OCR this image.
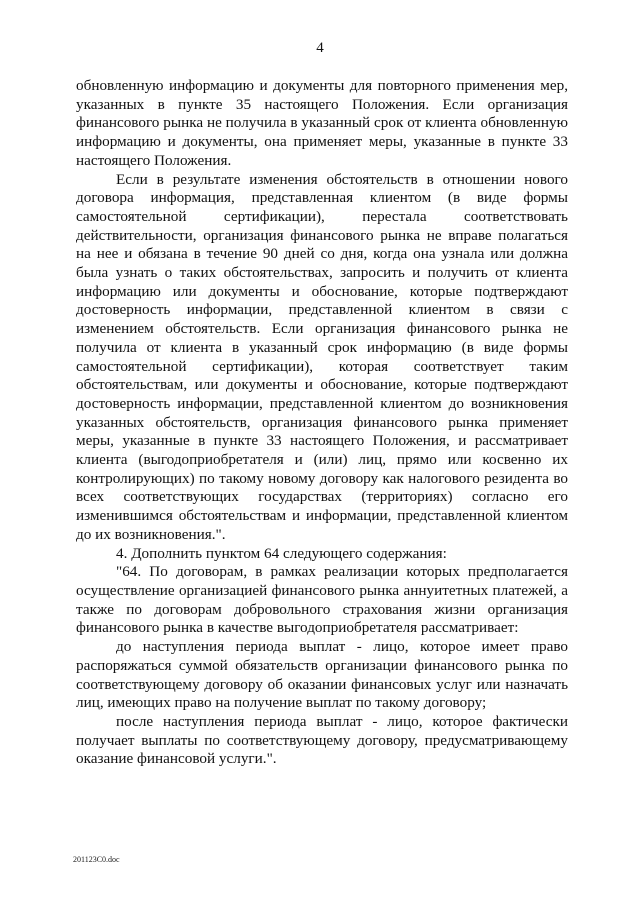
4

обновленную информацию и документы для повторного применения мер, указанных в пункте 35 настоящего Положения. Если организация финансового рынка не получила в указанный срок от клиента обновленную информацию и документы, она применяет меры, указанные в пункте 33 настоящего Положения.

Если в результате изменения обстоятельств в отношении нового договора информация, представленная клиентом (в виде формы самостоятельной сертификации), перестала соответствовать действительности, организация финансового рынка не вправе полагаться на нее и обязана в течение 90 дней со дня, когда она узнала или должна была узнать о таких обстоятельствах, запросить и получить от клиента информацию или документы и обоснование, которые подтверждают достоверность информации, представленной клиентом в связи с изменением обстоятельств. Если организация финансового рынка не получила от клиента в указанный срок информацию (в виде формы самостоятельной сертификации), которая соответствует таким обстоятельствам, или документы и обоснование, которые подтверждают достоверность информации, представленной клиентом до возникновения указанных обстоятельств, организация финансового рынка применяет меры, указанные в пункте 33 настоящего Положения, и рассматривает клиента (выгодоприобретателя и (или) лиц, прямо или косвенно их контролирующих) по такому новому договору как налогового резидента во всех соответствующих государствах (территориях) согласно его изменившимся обстоятельствам и информации, представленной клиентом до их возникновения.".

4. Дополнить пунктом 64 следующего содержания:

"64. По договорам, в рамках реализации которых предполагается осуществление организацией финансового рынка аннуитетных платежей, а также по договорам добровольного страхования жизни организация финансового рынка в качестве выгодоприобретателя рассматривает:

до наступления периода выплат - лицо, которое имеет право распоряжаться суммой обязательств организации финансового рынка по соответствующему договору об оказании финансовых услуг или назначать лиц, имеющих право на получение выплат по такому договору;

после наступления периода выплат - лицо, которое фактически получает выплаты по соответствующему договору, предусматривающему оказание финансовой услуги.".

201123С0.doc
